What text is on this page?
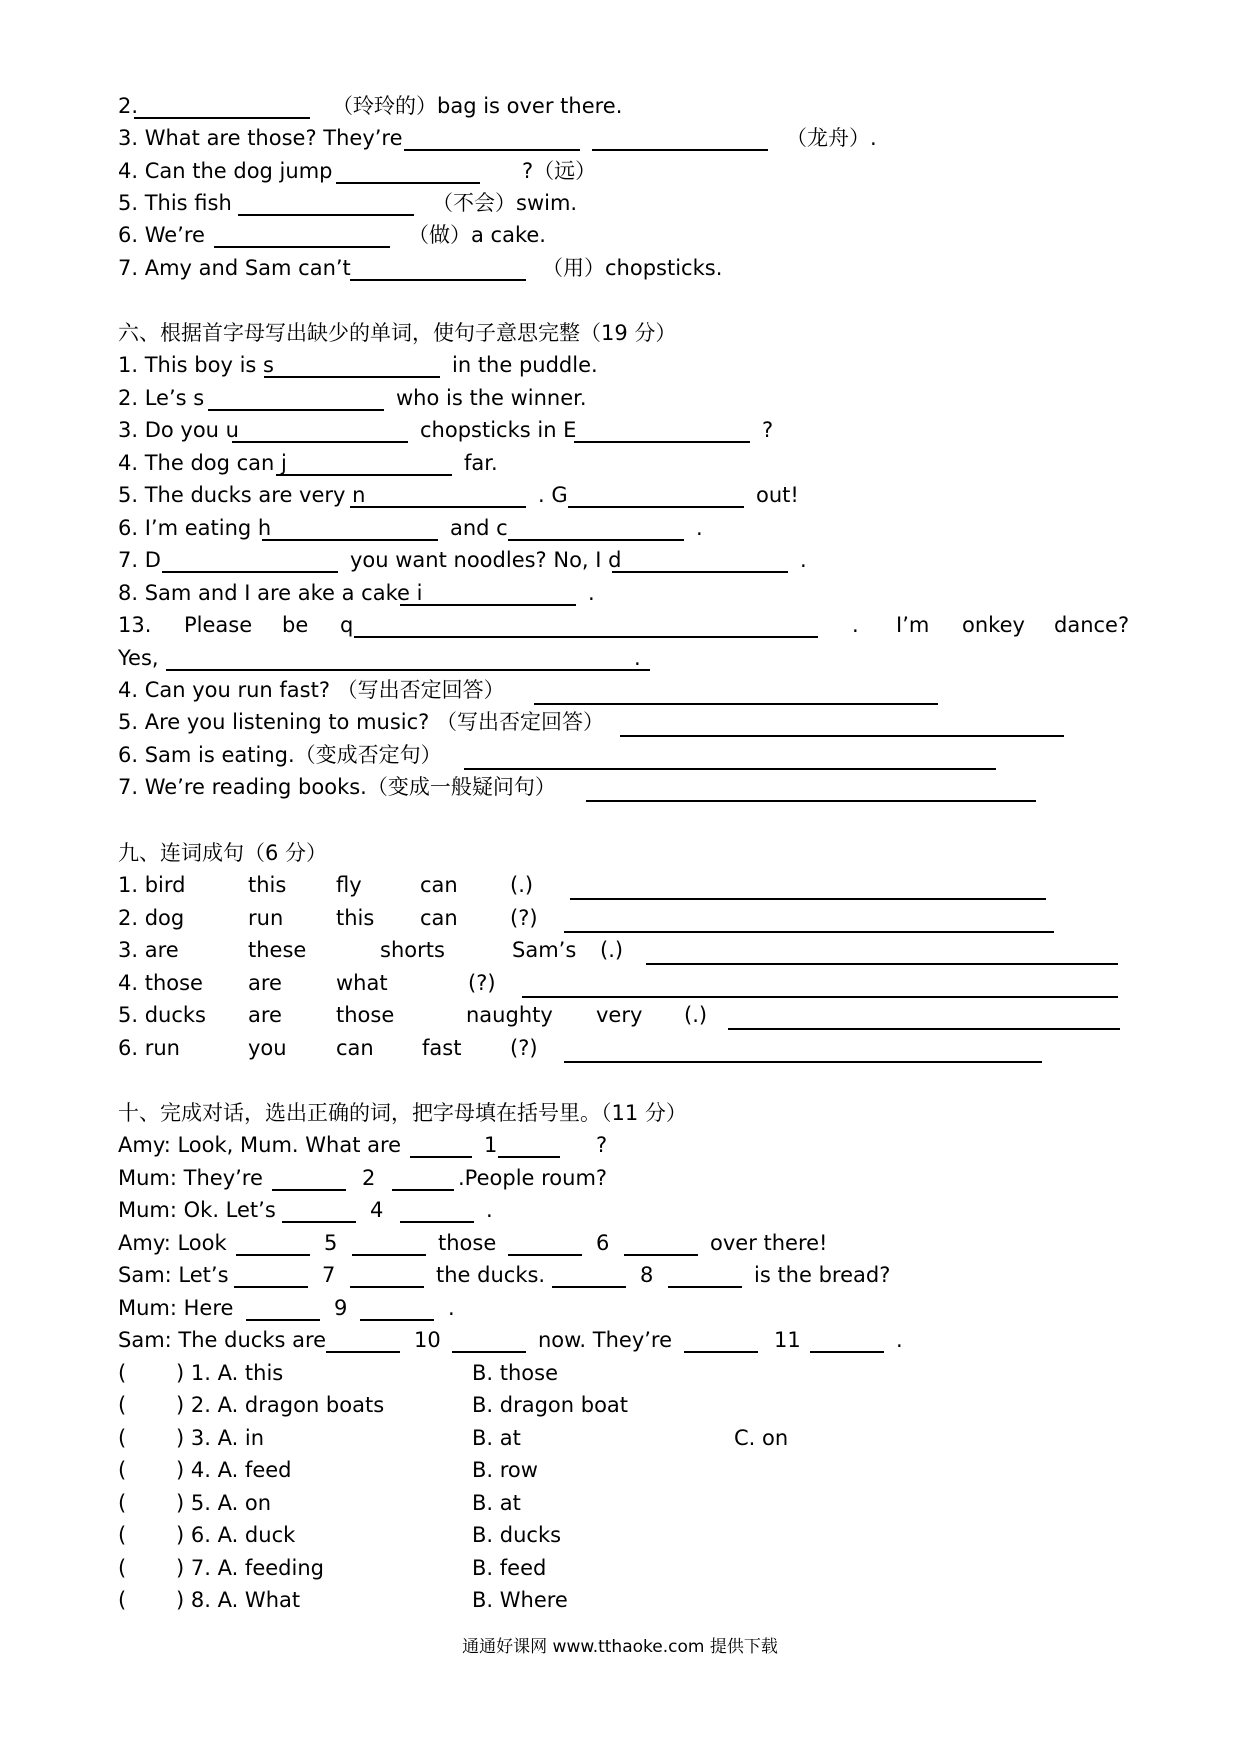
2.	（玲玲的）bag is over there.
3. What are those? They’re	（龙舟）.
4. Can the dog jump	?（远）
5. This fish	（不会）swim.
6. We’re	（做）a cake.
7. Amy and Sam can’t	（用）chopsticks.
六、根据首字母写出缺少的单词，使句子意思完整（19 分）
1. This boy is s	in the puddle.
2. Le’s s	who is the winner.
3. Do you u	chopsticks in E	?
4. The dog can j	far.
5. The ducks are very n	. G	out!
6. I’m eating h	and c	.
7. D	you want noodles? No, I d	.
8. Sam and I are ake a cake i	.
13. Please be q	. I’m onkey dance?
Yes,	.
4. Can you run fast? （写出否定回答）
5. Are you listening to music? （写出否定回答）
6. Sam is eating.（变成否定句）
7. We’re reading books.（变成一般疑问句）
九、连词成句（6 分）
1. bird	this fly	can (.)
2. dog	run	this can (?)
3. are	these	shorts	Sam’s (.)
4. those are	what	(?)
5. ducks are	those	naughty very (.)
6. run	you can fast (?)
十、完成对话，选出正确的词，把字母填在括号里。（11 分）
Amy: Look, Mum. What are	1	?
Mum: They’re	2	.People roum?
Mum: Ok. Let’s	4	.
Amy: Look	5	those	6	over there!
Sam: Let’s	7	the ducks.	8	is the bread?
Mum: Here	9	.
Sam: The ducks are	10	now. They’re	11	.
( ) 1. A. this	B. those
( ) 2. A. dragon boats	B. dragon boat
( ) 3. A. in	B. at	C. on
( ) 4. A. feed	B. row
( ) 5. A. on	B. at
( ) 6. A. duck	B. ducks
( ) 7. A. feeding	B. feed
( ) 8. A. What	B. Where
通通好课网 www.tthaoke.com 提供下载
